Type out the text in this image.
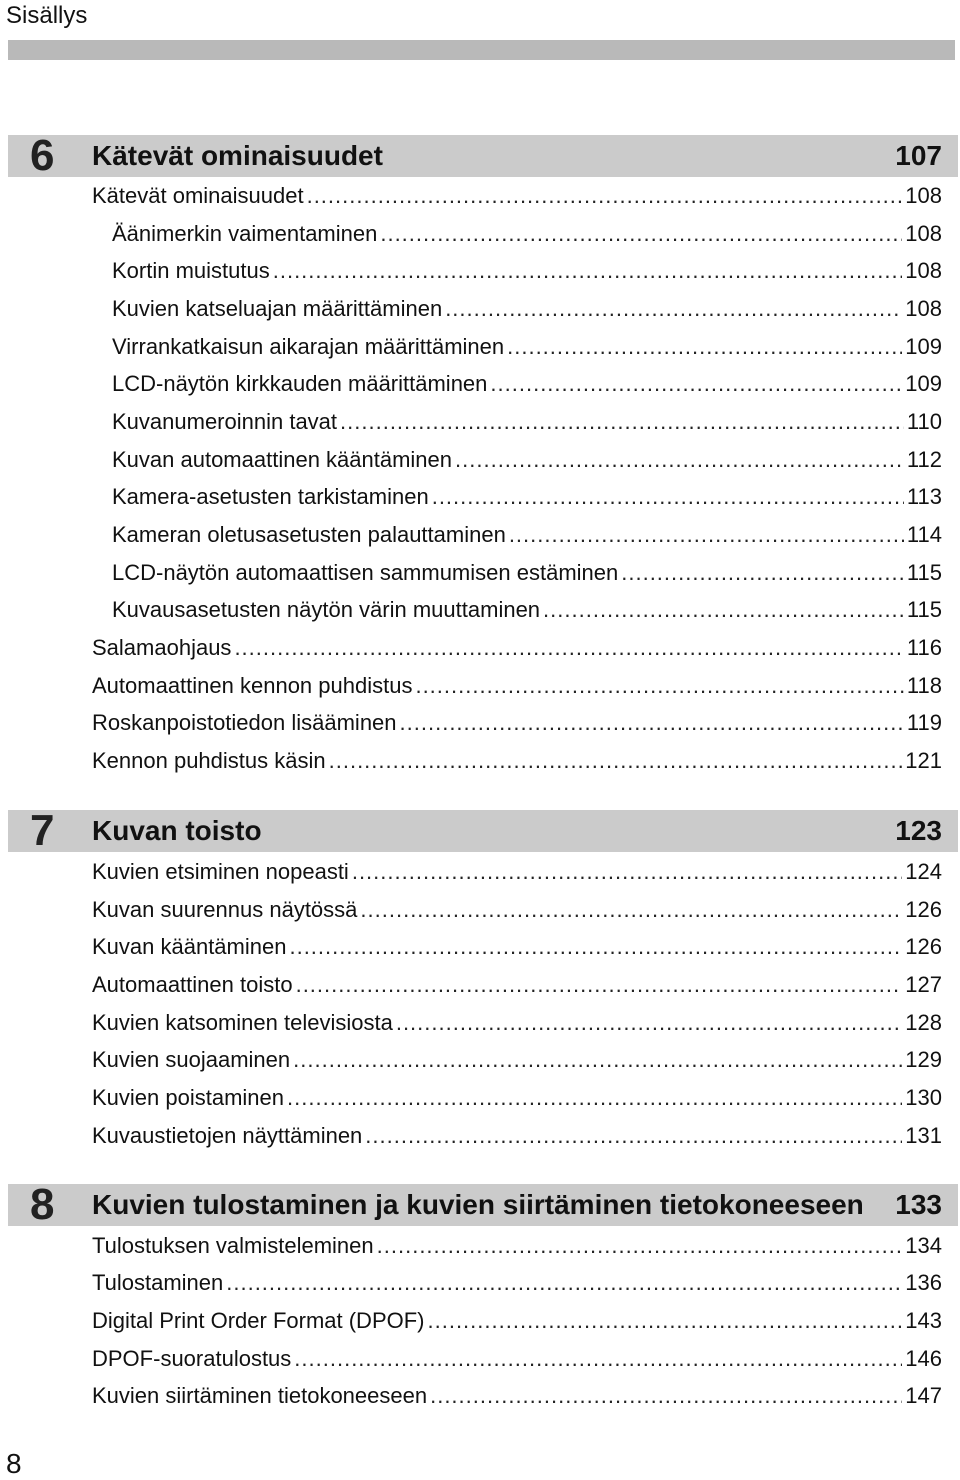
Sisällys
6 Kätevät ominaisuudet	107
Kätevät ominaisuudet .....	108
Äänimerkin vaimentaminen .....	108
Kortin muistutus .....	108
Kuvien katseluajan määrittäminen .....	108
Virrankatkaisun aikarajan määrittäminen .....	109
LCD-näytön kirkkauden määrittäminen .....	109
Kuvanumeroinnin tavat .....	110
Kuvan automaattinen kääntäminen .....	112
Kamera-asetusten tarkistaminen .....	113
Kameran oletusasetusten palauttaminen .....	114
LCD-näytön automaattisen sammumisen estäminen .....	115
Kuvausasetusten näytön värin muuttaminen .....	115
Salamaohjaus .....	116
Automaattinen kennon puhdistus .....	118
Roskanpoistotiedon lisääminen .....	119
Kennon puhdistus käsin .....	121
7 Kuvan toisto	123
Kuvien etsiminen nopeasti .....	124
Kuvan suurennus näytössä .....	126
Kuvan kääntäminen .....	126
Automaattinen toisto .....	127
Kuvien katsominen televisiosta .....	128
Kuvien suojaaminen .....	129
Kuvien poistaminen .....	130
Kuvaustietojen näyttäminen .....	131
8 Kuvien tulostaminen ja kuvien siirtäminen tietokoneeseen 133
Tulostuksen valmisteleminen .....	134
Tulostaminen .....	136
Digital Print Order Format (DPOF) .....	143
DPOF-suoratulostus .....	146
Kuvien siirtäminen tietokoneeseen .....	147
8
